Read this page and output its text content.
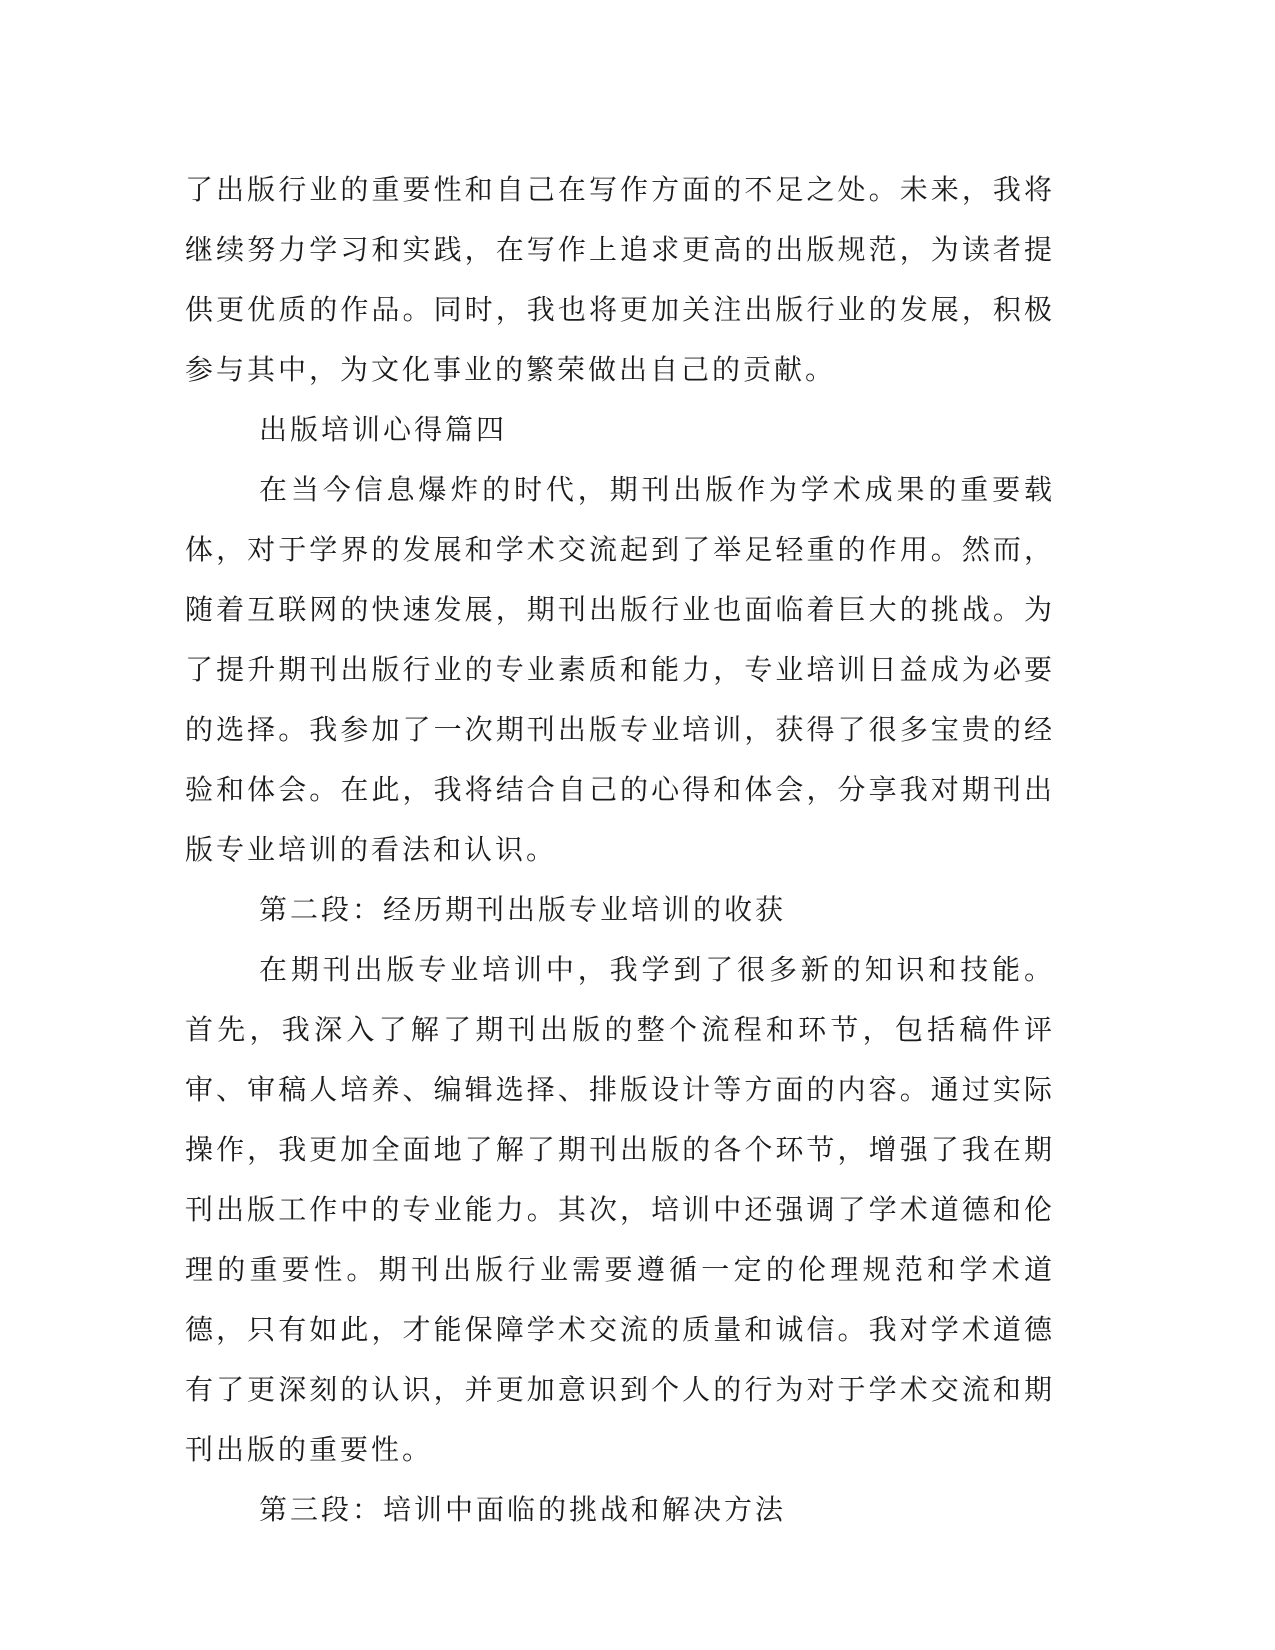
了出版行业的重要性和自己在写作方面的不足之处。未来，我将继续努力学习和实践，在写作上追求更高的出版规范，为读者提供更优质的作品。同时，我也将更加关注出版行业的发展，积极参与其中，为文化事业的繁荣做出自己的贡献。

出版培训心得篇四

在当今信息爆炸的时代，期刊出版作为学术成果的重要载体，对于学界的发展和学术交流起到了举足轻重的作用。然而，随着互联网的快速发展，期刊出版行业也面临着巨大的挑战。为了提升期刊出版行业的专业素质和能力，专业培训日益成为必要的选择。我参加了一次期刊出版专业培训，获得了很多宝贵的经验和体会。在此，我将结合自己的心得和体会，分享我对期刊出版专业培训的看法和认识。

第二段：经历期刊出版专业培训的收获

在期刊出版专业培训中，我学到了很多新的知识和技能。首先，我深入了解了期刊出版的整个流程和环节，包括稿件评审、审稿人培养、编辑选择、排版设计等方面的内容。通过实际操作，我更加全面地了解了期刊出版的各个环节，增强了我在期刊出版工作中的专业能力。其次，培训中还强调了学术道德和伦理的重要性。期刊出版行业需要遵循一定的伦理规范和学术道德，只有如此，才能保障学术交流的质量和诚信。我对学术道德有了更深刻的认识，并更加意识到个人的行为对于学术交流和期刊出版的重要性。

第三段：培训中面临的挑战和解决方法
